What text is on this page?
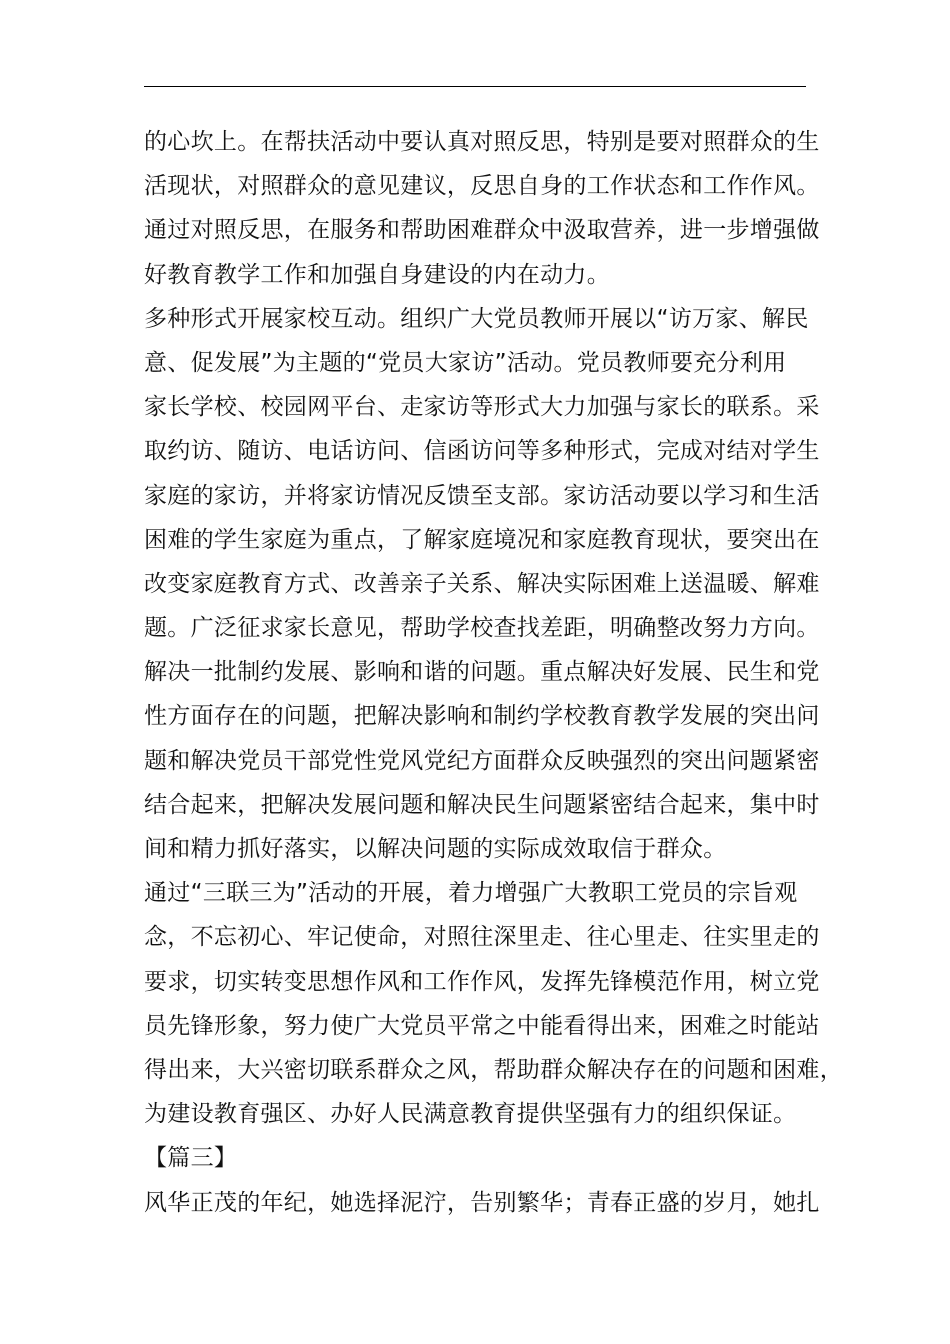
的心坎上。在帮扶活动中要认真对照反思，特别是要对照群众的生
活现状，对照群众的意见建议，反思自身的工作状态和工作作风。
通过对照反思，在服务和帮助困难群众中汲取营养，进一步增强做
好教育教学工作和加强自身建设的内在动力。
多种形式开展家校互动。组织广大党员教师开展以“访万家、解民
意、促发展”为主题的“党员大家访”活动。党员教师要充分利用
家长学校、校园网平台、走家访等形式大力加强与家长的联系。采
取约访、随访、电话访问、信函访问等多种形式，完成对结对学生
家庭的家访，并将家访情况反馈至支部。家访活动要以学习和生活
困难的学生家庭为重点，了解家庭境况和家庭教育现状，要突出在
改变家庭教育方式、改善亲子关系、解决实际困难上送温暖、解难
题。广泛征求家长意见，帮助学校查找差距，明确整改努力方向。
解决一批制约发展、影响和谐的问题。重点解决好发展、民生和党
性方面存在的问题，把解决影响和制约学校教育教学发展的突出问
题和解决党员干部党性党风党纪方面群众反映强烈的突出问题紧密
结合起来，把解决发展问题和解决民生问题紧密结合起来，集中时
间和精力抓好落实，以解决问题的实际成效取信于群众。
通过“三联三为”活动的开展，着力增强广大教职工党员的宗旨观
念，不忘初心、牢记使命，对照往深里走、往心里走、往实里走的
要求，切实转变思想作风和工作作风，发挥先锋模范作用，树立党
员先锋形象，努力使广大党员平常之中能看得出来，困难之时能站
得出来，大兴密切联系群众之风，帮助群众解决存在的问题和困难，
为建设教育强区、办好人民满意教育提供坚强有力的组织保证。
【篇三】
风华正茂的年纪，她选择泥泞，告别繁华；青春正盛的岁月，她扎
